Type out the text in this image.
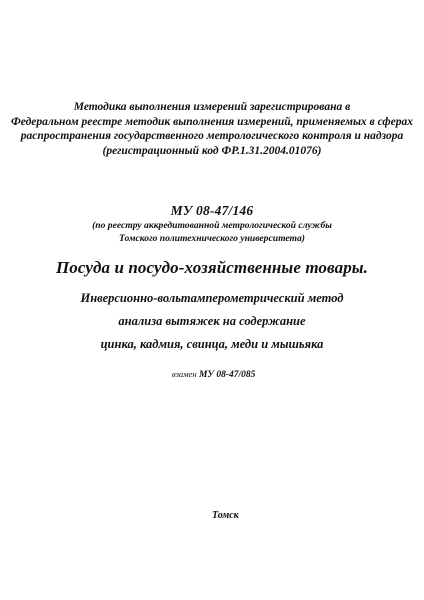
Методика выполнения измерений зарегистрирована в
Федеральном реестре методик выполнения измерений, применяемых в сферах
распространения государственного метрологического контроля и надзора
(регистрационный код ФР.1.31.2004.01076)
МУ 08-47/146
(по реестру аккредитованной метрологической службы
Томского политехнического университета)
Посуда и посудо-хозяйственные товары.
Инверсионно-вольтамперометрический метод
анализа вытяжек на содержание
цинка, кадмия, свинца, меди и мышьяка
взамен МУ 08-47/085
Томск
